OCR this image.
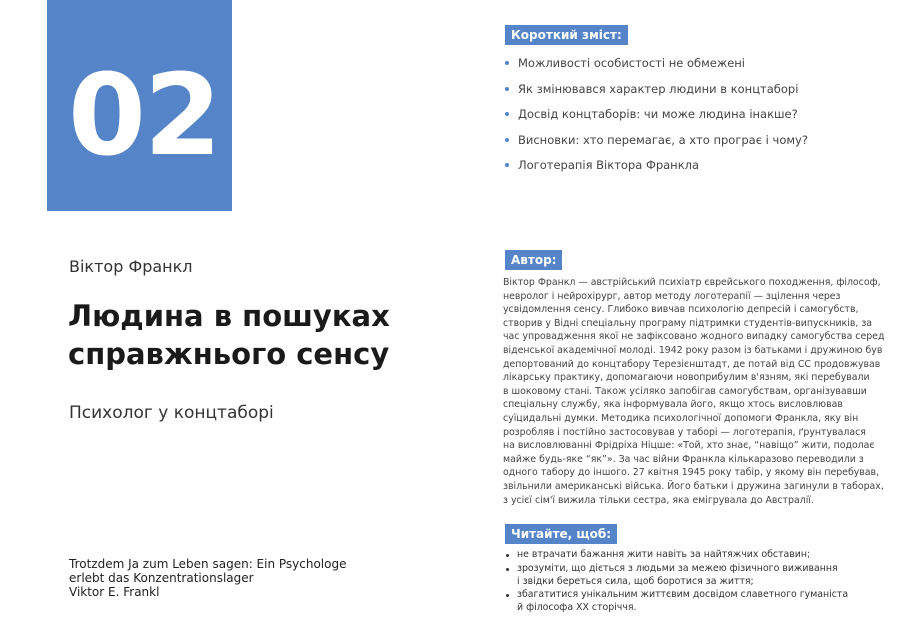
02
Віктор Франкл
Людина в пошуках
справжнього сенсу
Психолог у концтаборі
Trotzdem Ja zum Leben sagen: Ein Psychologe
erlebt das Konzentrationslager
Viktor E. Frankl
Короткий зміст:
Можливості особистості не обмежені
Як змінювався характер людини в концтаборі
Досвід концтаборів: чи може людина інакше?
Висновки: хто перемагає, а хто програє і чому?
Логотерапія Віктора Франкла
Автор:
Віктор Франкл — австрійський психіатр єврейського походження, філософ,
невролог і нейрохірург, автор методу логотерапії — зцілення через
усвідомлення сенсу. Глибоко вивчав психологію депресій і самогубств,
створив у Відні спеціальну програму підтримки студентів-випускників, за
час упровадження якої не зафіксовано жодного випадку самогубства серед
віденської академічної молоді. 1942 року разом із батьками і дружиною був
депортований до концтабору Терезієнштадт, де потай від СС продовжував
лікарську практику, допомагаючи новоприбулим в'язням, які перебували
в шоковому стані. Також усіляко запобігав самогубствам, організувавши
спеціальну службу, яка інформувала його, якщо хтось висловлював
суїцидальні думки. Методика психологічної допомоги Франкла, яку він
розробляв і постійно застосовував у таборі — логотерапія, ґрунтувалася
на висловлюванні Фрідріха Ніцше: «Той, хто знає, “навіщо” жити, подолає
майже будь-яке “як”». За час війни Франкла кількаразово переводили з
одного табору до іншого. 27 квітня 1945 року табір, у якому він перебував,
звільнили американські війська. Його батьки і дружина загинули в таборах,
з усієї сім'ї вижила тільки сестра, яка емігрувала до Австралії.
Читайте, щоб:
не втрачати бажання жити навіть за найтяжчих обставин;
зрозуміти, що діється з людьми за межею фізичного виживання
і звідки береться сила, щоб боротися за життя;
збагатитися унікальним життєвим досвідом славетного гуманіста
й філософа XX сторіччя.
